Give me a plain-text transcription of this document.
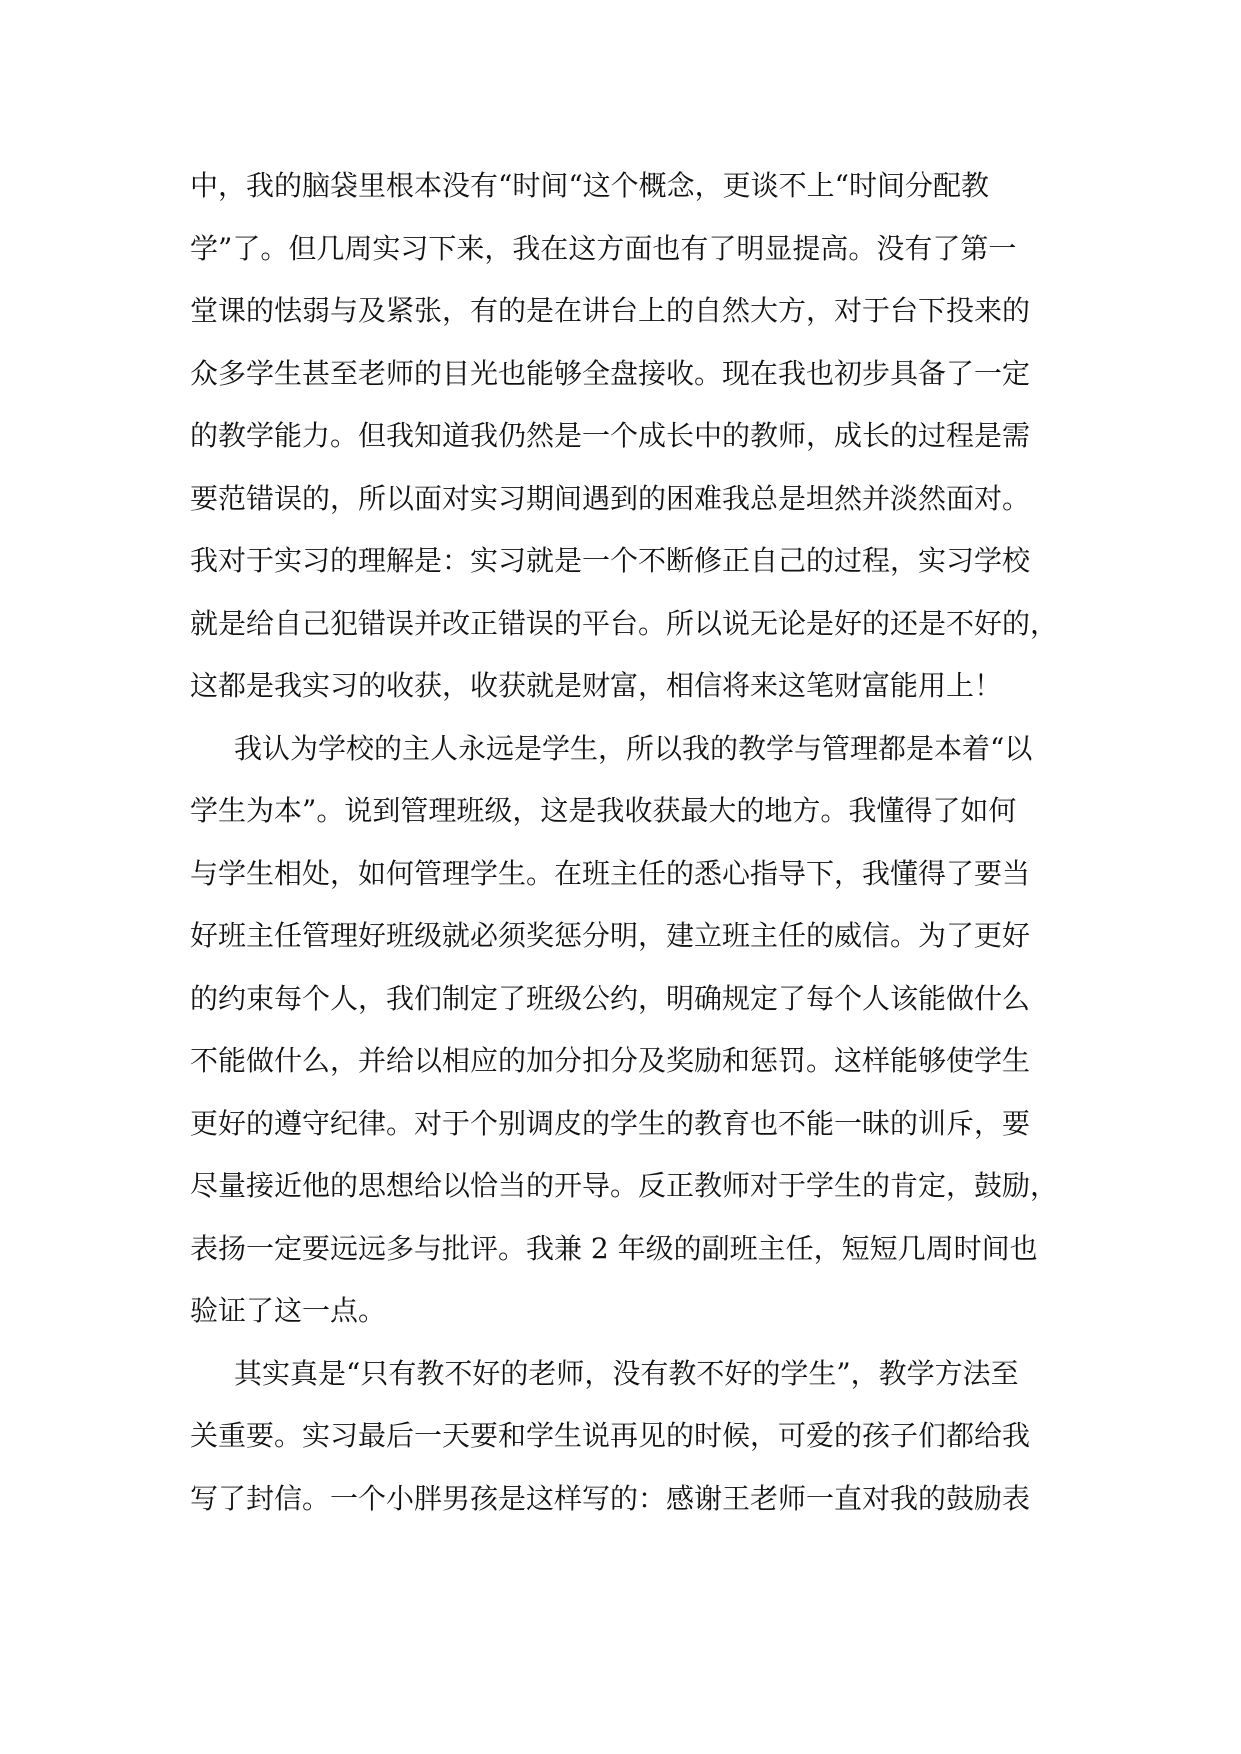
中，我的脑袋里根本没有“时间“这个概念，更谈不上“时间分配教

学”了。但几周实习下来，我在这方面也有了明显提高。没有了第一

堂课的怯弱与及紧张，有的是在讲台上的自然大方，对于台下投来的

众多学生甚至老师的目光也能够全盘接收。现在我也初步具备了一定

的教学能力。但我知道我仍然是一个成长中的教师，成长的过程是需

要范错误的，所以面对实习期间遇到的困难我总是坦然并淡然面对。

我对于实习的理解是：实习就是一个不断修正自己的过程，实习学校

就是给自己犯错误并改正错误的平台。所以说无论是好的还是不好的，

这都是我实习的收获，收获就是财富，相信将来这笔财富能用上！

我认为学校的主人永远是学生，所以我的教学与管理都是本着“以

学生为本”。说到管理班级，这是我收获最大的地方。我懂得了如何

与学生相处，如何管理学生。在班主任的悉心指导下，我懂得了要当

好班主任管理好班级就必须奖惩分明，建立班主任的威信。为了更好

的约束每个人，我们制定了班级公约，明确规定了每个人该能做什么

不能做什么，并给以相应的加分扣分及奖励和惩罚。这样能够使学生

更好的遵守纪律。对于个别调皮的学生的教育也不能一昧的训斥，要

尽量接近他的思想给以恰当的开导。反正教师对于学生的肯定，鼓励，

表扬一定要远远多与批评。我兼 2 年级的副班主任，短短几周时间也

验证了这一点。

其实真是“只有教不好的老师，没有教不好的学生”，教学方法至

关重要。实习最后一天要和学生说再见的时候，可爱的孩子们都给我

写了封信。一个小胖男孩是这样写的：感谢王老师一直对我的鼓励表
